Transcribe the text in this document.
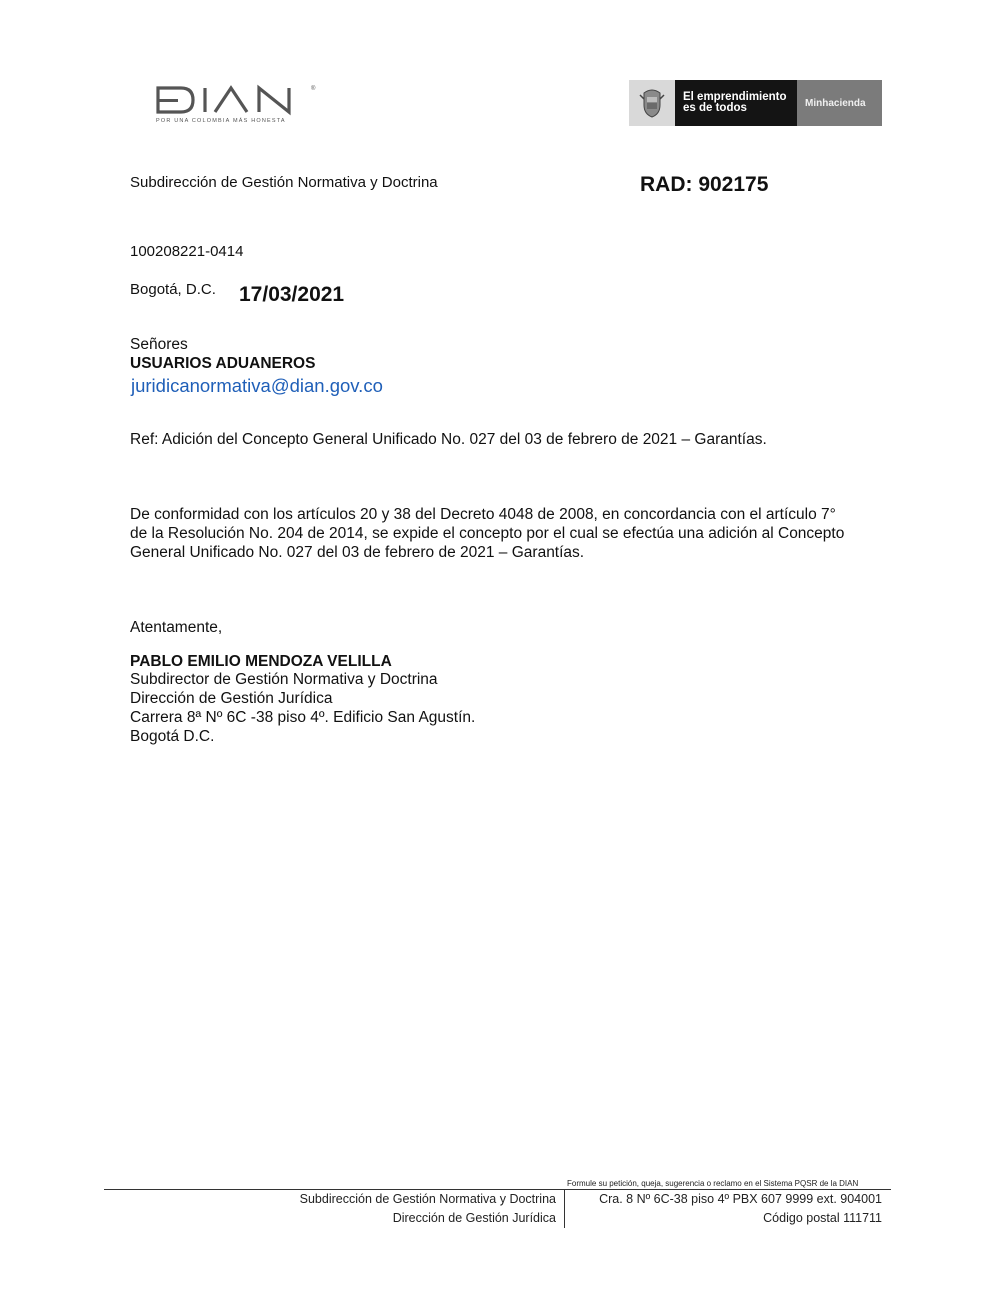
®
POR UNA COLOMBIA MÁS HONESTA
El emprendimiento
es de todos	Minhacienda
Subdirección de Gestión Normativa y Doctrina	RAD: 902175
100208221-0414
Bogotá, D.C. 17/03/2021
Señores
USUARIOS ADUANEROS
juridicanormativa@dian.gov.co
Ref: Adición del Concepto General Unificado No. 027 del 03 de febrero de 2021 – Garantías.
De conformidad con los artículos 20 y 38 del Decreto 4048 de 2008, en concordancia con el artículo 7°
de la Resolución No. 204 de 2014, se expide el concepto por el cual se efectúa una adición al Concepto
General Unificado No. 027 del 03 de febrero de 2021 – Garantías.
Atentamente,
PABLO EMILIO MENDOZA VELILLA
Subdirector de Gestión Normativa y Doctrina
Dirección de Gestión Jurídica
Carrera 8ª Nº 6C -38 piso 4º. Edificio San Agustín.
Bogotá D.C.
Formule su petición, queja, sugerencia o reclamo en el Sistema PQSR de la DIAN
Subdirección de Gestión Normativa y Doctrina
Dirección de Gestión Jurídica
Cra. 8 Nº 6C-38 piso 4º PBX 607 9999 ext. 904001
Código postal 111711
